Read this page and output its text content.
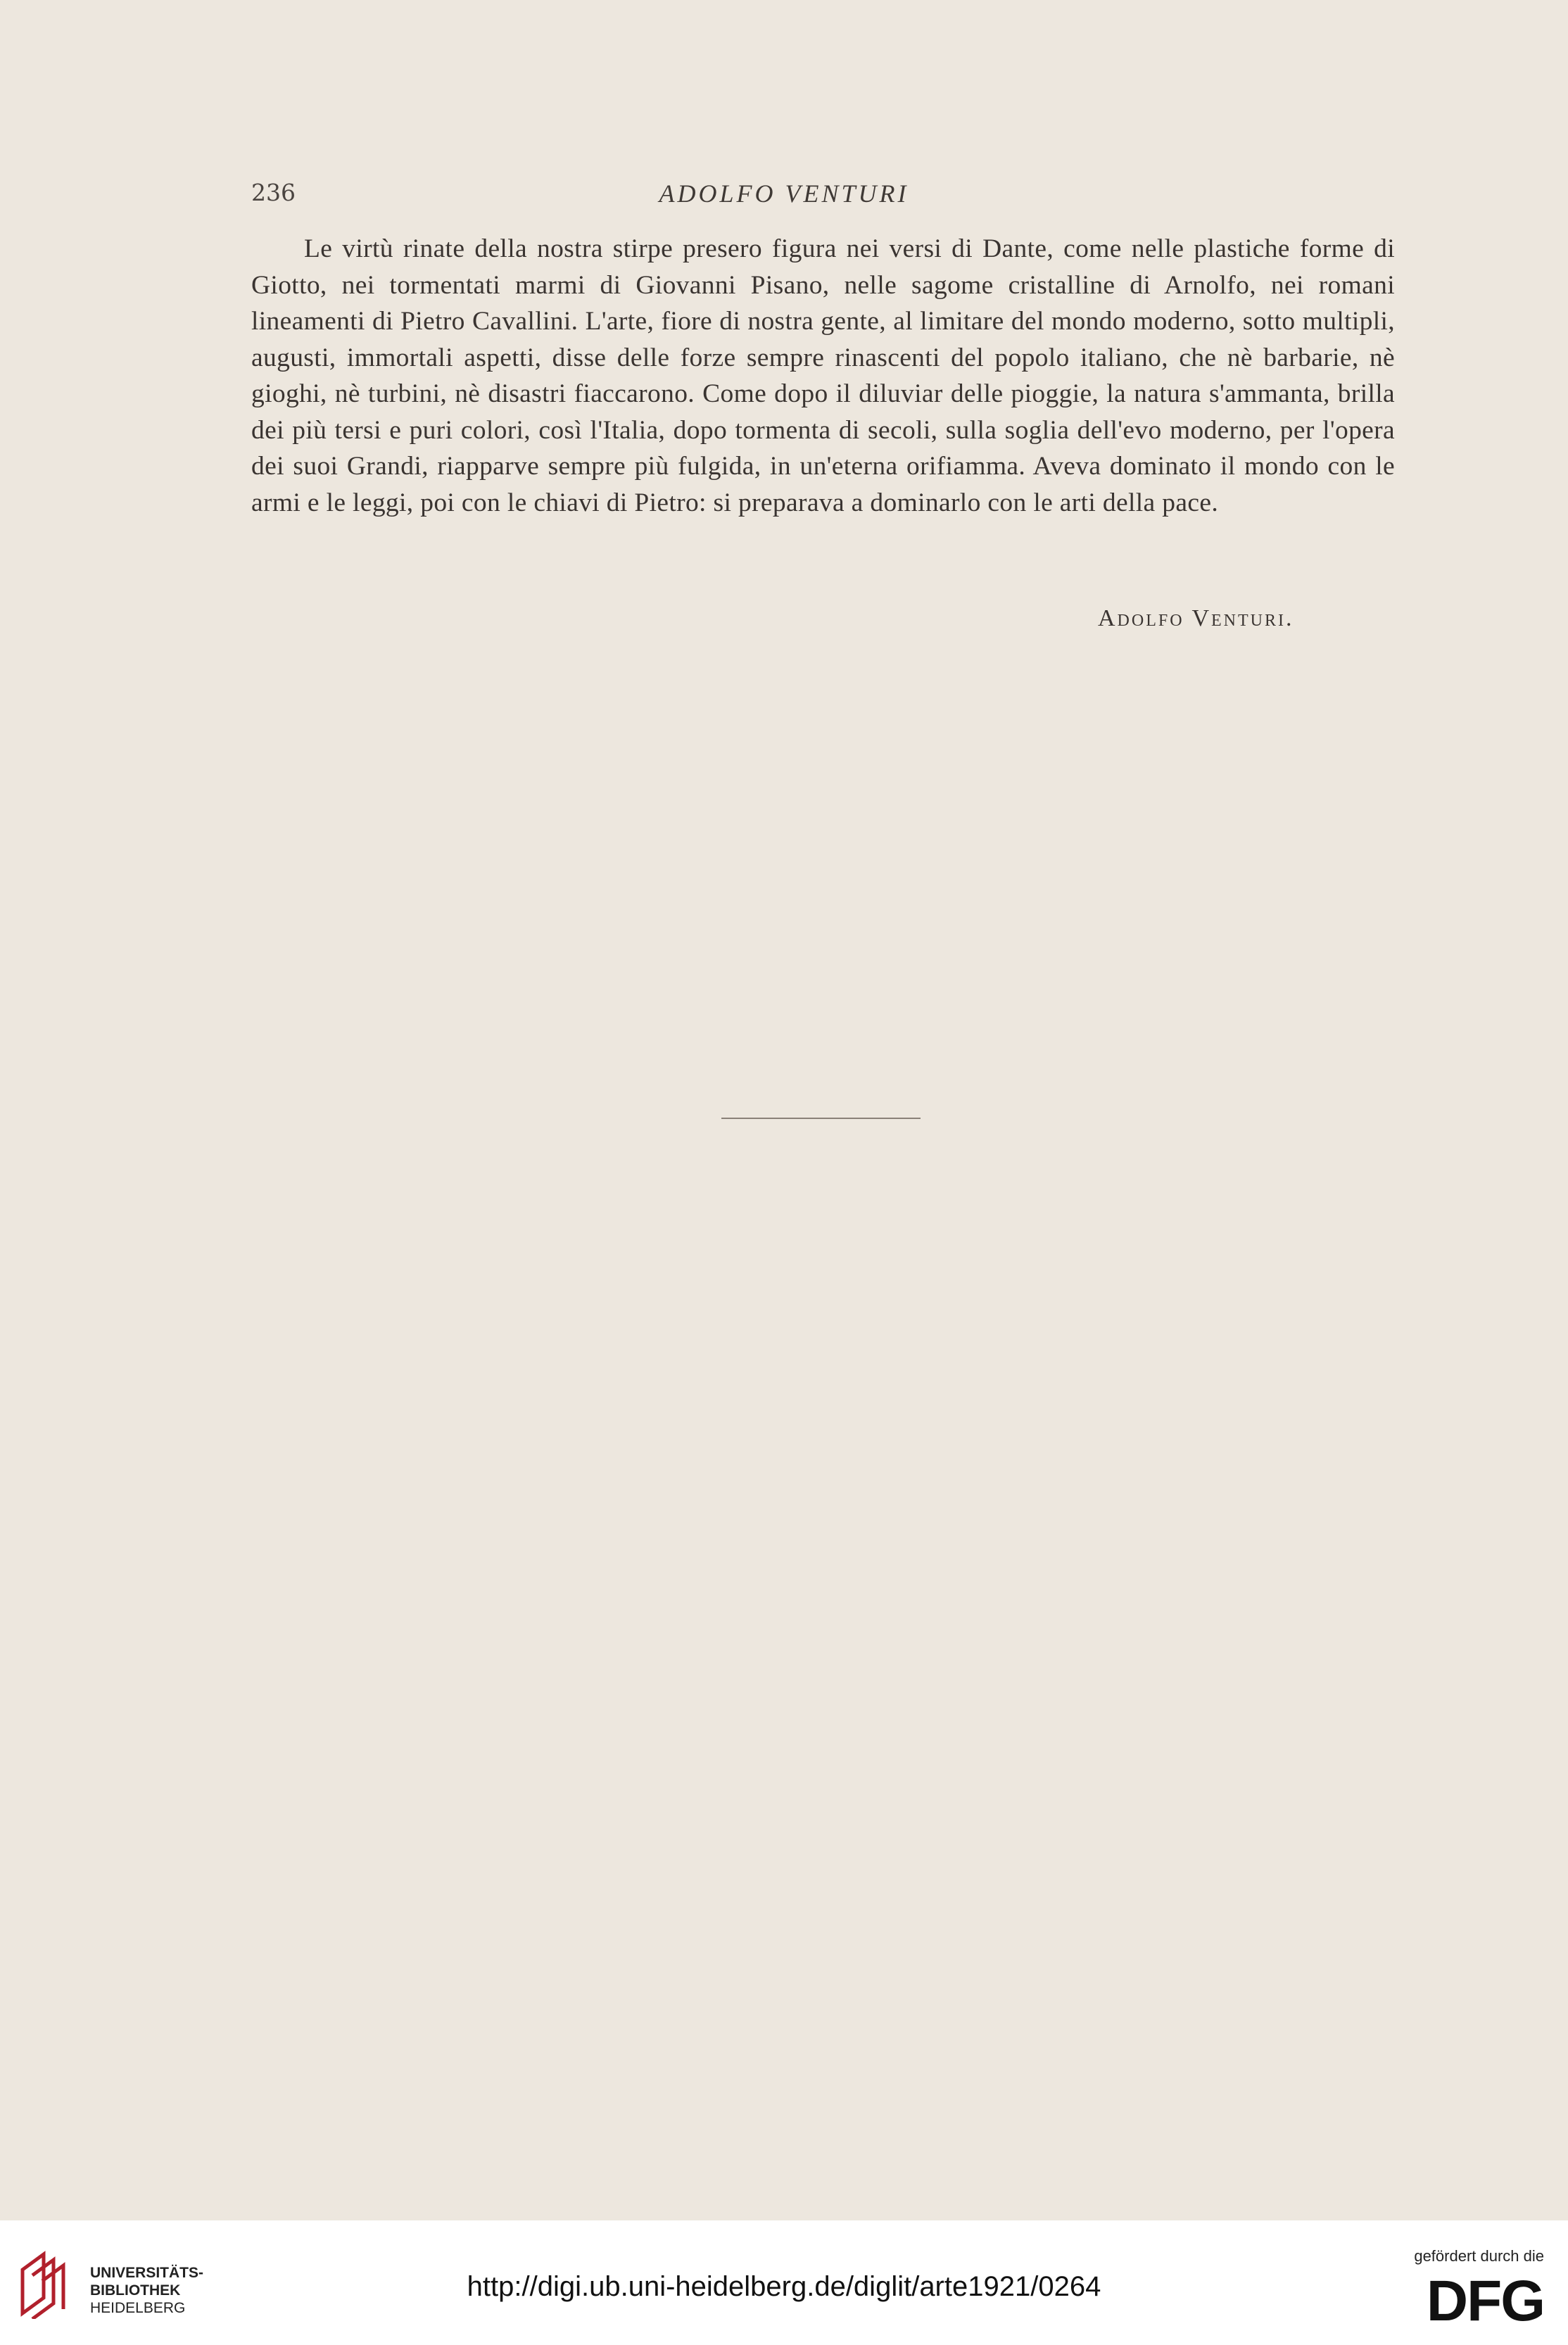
236	ADOLFO VENTURI

Le virtù rinate della nostra stirpe presero figura nei versi di Dante, come nelle plastiche forme di Giotto, nei tormentati marmi di Giovanni Pisano, nelle sagome cristalline di Arnolfo, nei romani lineamenti di Pietro Cavallini. L'arte, fiore di nostra gente, al limitare del mondo moderno, sotto multipli, augusti, immortali aspetti, disse delle forze sempre rinascenti del popolo italiano, che nè barbarie, nè gioghi, nè turbini, nè disastri fiaccarono. Come dopo il diluviar delle pioggie, la natura s'ammanta, brilla dei più tersi e puri colori, così l'Italia, dopo tormenta di secoli, sulla soglia dell'evo moderno, per l'opera dei suoi Grandi, riapparve sempre più fulgida, in un'eterna orifiamma. Aveva dominato il mondo con le armi e le leggi, poi con le chiavi di Pietro: si preparava a dominarlo con le arti della pace.

Adolfo Venturi.
UNIVERSITÄTS-
BIBLIOTHEK
HEIDELBERG
http://digi.ub.uni-heidelberg.de/diglit/arte1921/0264
gefördert durch die
DFG
